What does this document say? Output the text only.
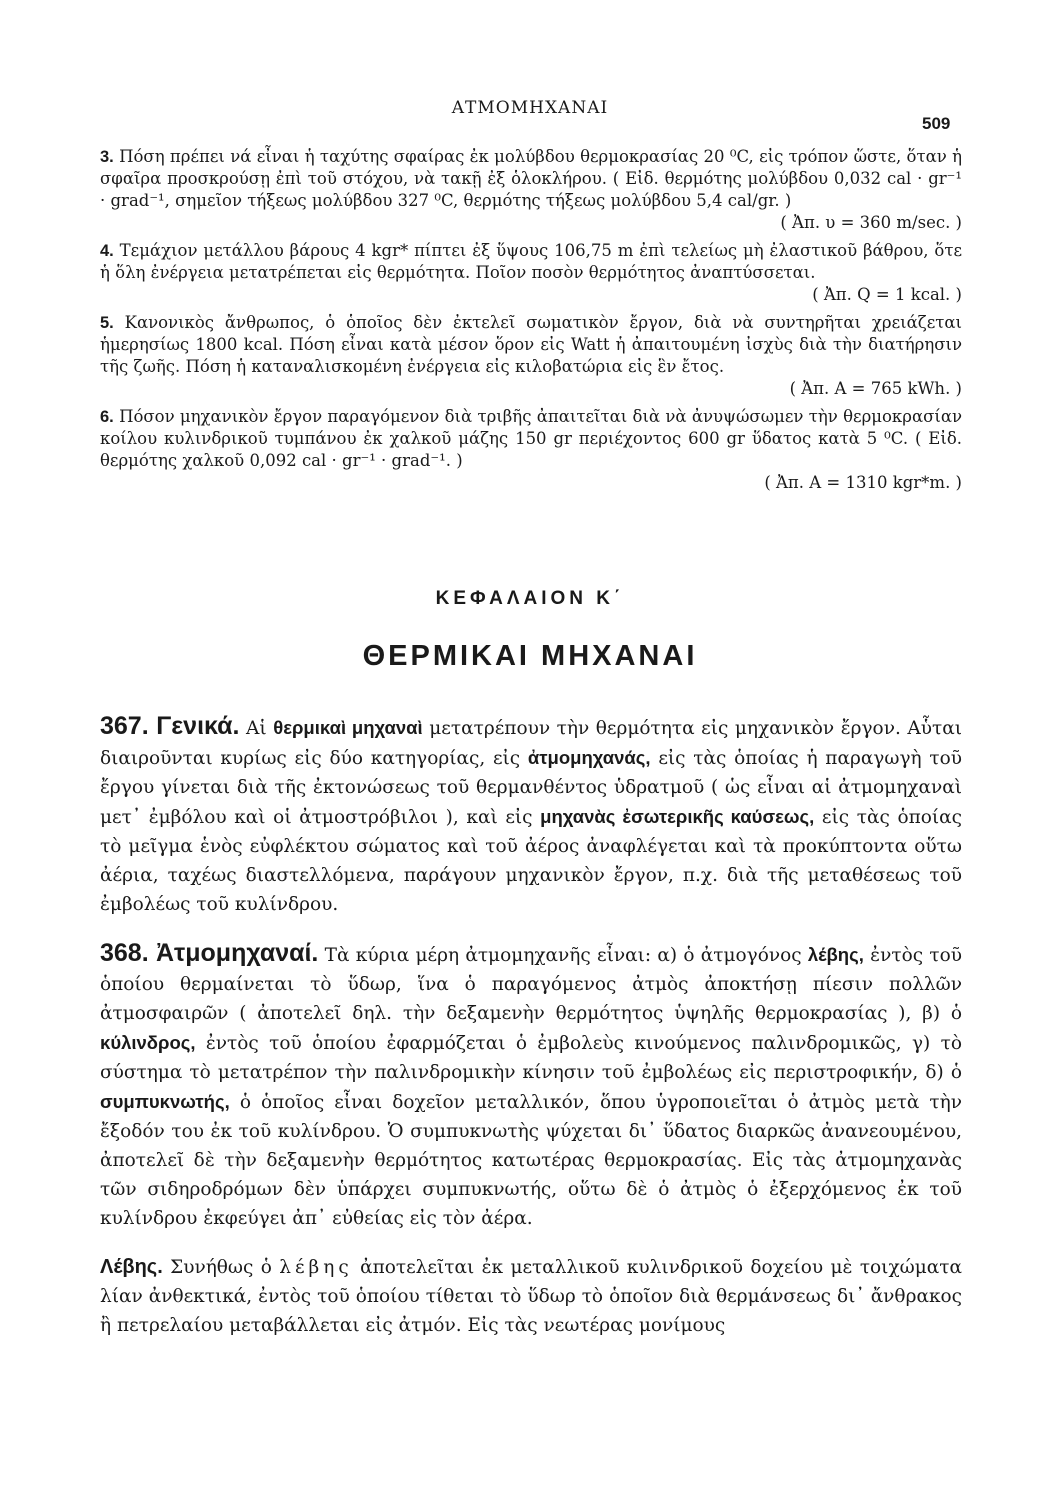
ΑΤΜΟΜΗΧΑΝΑΙ
509

3. Πόση πρέπει νά εἶναι ἡ ταχύτης σφαίρας ἐκ μολύβδου θερμοκρασίας 20 ⁰C, εἰς τρόπον ὥστε, ὅταν ἡ σφαῖρα προσκρούσῃ ἐπὶ τοῦ στόχου, νὰ τακῇ ἐξ ὁλοκλήρου. ( Εἰδ. θερμότης μολύβδου 0,032 cal · gr⁻¹ · grad⁻¹, σημεῖον τήξεως μολύβδου 327 ⁰C, θερμότης τήξεως μολύβδου 5,4 cal/gr. )

( Ἀπ. υ = 360 m/sec. )

4. Τεμάχιον μετάλλου βάρους 4 kgr* πίπτει ἐξ ὕψους 106,75 m ἐπὶ τελείως μὴ ἐλαστικοῦ βάθρου, ὅτε ἡ ὅλη ἐνέργεια μετατρέπεται εἰς θερμότητα. Ποῖον ποσὸν θερμότητος ἀναπτύσσεται.

( Ἀπ. Q = 1 kcal. )

5. Κανονικὸς ἄνθρωπος, ὁ ὁποῖος δὲν ἐκτελεῖ σωματικὸν ἔργον, διὰ νὰ συντηρῆται χρειάζεται ἡμερησίως 1800 kcal. Πόση εἶναι κατὰ μέσον ὅρον εἰς Watt ἡ ἀπαιτουμένη ἰσχὺς διὰ τὴν διατήρησιν τῆς ζωῆς. Πόση ἡ καταναλισκομένη ἐνέργεια εἰς κιλοβατώρια εἰς ἓν ἔτος.

( Ἀπ. A = 765 kWh. )

6. Πόσον μηχανικὸν ἔργον παραγόμενον διὰ τριβῆς ἀπαιτεῖται διὰ νὰ ἀνυψώσωμεν τὴν θερμοκρασίαν κοίλου κυλινδρικοῦ τυμπάνου ἐκ χαλκοῦ μάζης 150 gr περιέχοντος 600 gr ὕδατος κατὰ 5 ⁰C. ( Εἰδ. θερμότης χαλκοῦ 0,092 cal · gr⁻¹ · grad⁻¹. )

( Ἀπ. A = 1310 kgr*m. )

ΚΕΦΑΛΑΙΟΝ Κ΄
ΘΕΡΜΙΚΑΙ ΜΗΧΑΝΑΙ

367. Γενικά. Αἱ θερμικαὶ μηχαναὶ μετατρέπουν τὴν θερμότητα εἰς μηχανικὸν ἔργον. Αὗται διαιροῦνται κυρίως εἰς δύο κατηγορίας, εἰς ἀτμομηχανάς, εἰς τὰς ὁποίας ἡ παραγωγὴ τοῦ ἔργου γίνεται διὰ τῆς ἐκτονώσεως τοῦ θερμανθέντος ὑδρατμοῦ ( ὡς εἶναι αἱ ἀτμομηχαναὶ μετ᾽ ἐμβόλου καὶ οἱ ἀτμοστρόβιλοι ), καὶ εἰς μηχανὰς ἐσωτερικῆς καύσεως, εἰς τὰς ὁποίας τὸ μεῖγμα ἑνὸς εὐφλέκτου σώματος καὶ τοῦ ἀέρος ἀναφλέγεται καὶ τὰ προκύπτοντα οὕτω ἀέρια, ταχέως διαστελλόμενα, παράγουν μηχανικὸν ἔργον, π.χ. διὰ τῆς μεταθέσεως τοῦ ἐμβολέως τοῦ κυλίνδρου.

368. Ἀτμομηχαναί. Τὰ κύρια μέρη ἀτμομηχανῆς εἶναι: α) ὁ ἀτμογόνος λέβης, ἐντὸς τοῦ ὁποίου θερμαίνεται τὸ ὕδωρ, ἵνα ὁ παραγόμενος ἀτμὸς ἀποκτήσῃ πίεσιν πολλῶν ἀτμοσφαιρῶν ( ἀποτελεῖ δηλ. τὴν δεξαμενὴν θερμότητος ὑψηλῆς θερμοκρασίας ), β) ὁ κύλινδρος, ἐντὸς τοῦ ὁποίου ἐφαρμόζεται ὁ ἐμβολεὺς κινούμενος παλινδρομικῶς, γ) τὸ σύστημα τὸ μετατρέπον τὴν παλινδρομικὴν κίνησιν τοῦ ἐμβολέως εἰς περιστροφικήν, δ) ὁ συμπυκνωτής, ὁ ὁποῖος εἶναι δοχεῖον μεταλλικόν, ὅπου ὑγροποιεῖται ὁ ἀτμὸς μετὰ τὴν ἔξοδόν του ἐκ τοῦ κυλίνδρου. Ὁ συμπυκνωτὴς ψύχεται δι᾽ ὕδατος διαρκῶς ἀνανεουμένου, ἀποτελεῖ δὲ τὴν δεξαμενὴν θερμότητος κατωτέρας θερμοκρασίας. Εἰς τὰς ἀτμομηχανὰς τῶν σιδηροδρόμων δὲν ὑπάρχει συμπυκνωτής, οὕτω δὲ ὁ ἀτμὸς ὁ ἐξερχόμενος ἐκ τοῦ κυλίνδρου ἐκφεύγει ἀπ᾽ εὐθείας εἰς τὸν ἀέρα.

Λέβης. Συνήθως ὁ λέβης ἀποτελεῖται ἐκ μεταλλικοῦ κυλινδρικοῦ δοχείου μὲ τοιχώματα λίαν ἀνθεκτικά, ἐντὸς τοῦ ὁποίου τίθεται τὸ ὕδωρ τὸ ὁποῖον διὰ θερμάνσεως δι᾽ ἄνθρακος ἢ πετρελαίου μεταβάλλεται εἰς ἀτμόν. Εἰς τὰς νεωτέρας μονίμους
